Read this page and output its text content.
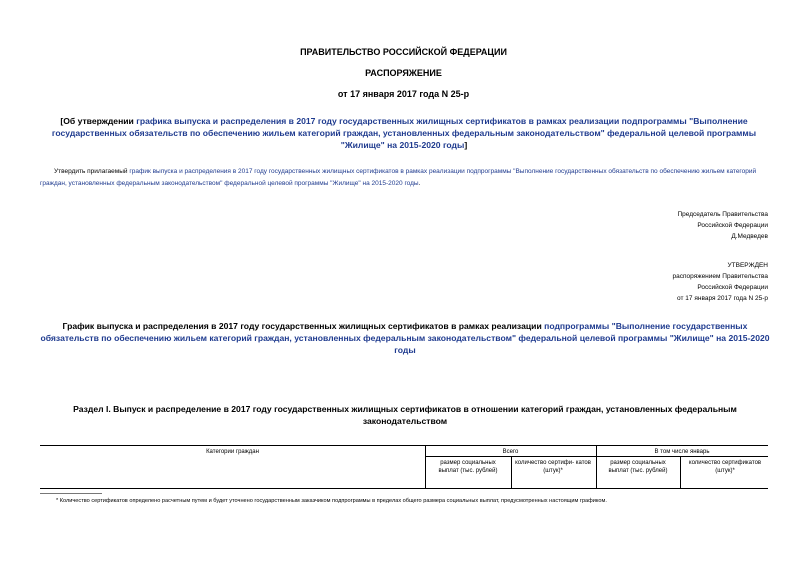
ПРАВИТЕЛЬСТВО РОССИЙСКОЙ ФЕДЕРАЦИИ
РАСПОРЯЖЕНИЕ
от 17 января 2017 года N 25-р
[Об утверждении графика выпуска и распределения в 2017 году государственных жилищных сертификатов в рамках реализации подпрограммы "Выполнение государственных обязательств по обеспечению жильем категорий граждан, установленных федеральным законодательством" федеральной целевой программы "Жилище" на 2015-2020 годы]
Утвердить прилагаемый график выпуска и распределения в 2017 году государственных жилищных сертификатов в рамках реализации подпрограммы "Выполнение государственных обязательств по обеспечению жильем категорий граждан, установленных федеральным законодательством" федеральной целевой программы "Жилище" на 2015-2020 годы.
Председатель Правительства
Российской Федерации
Д.Медведев
УТВЕРЖДЕН
распоряжением Правительства
Российской Федерации
от 17 января 2017 года N 25-р
График выпуска и распределения в 2017 году государственных жилищных сертификатов в рамках реализации подпрограммы "Выполнение государственных обязательств по обеспечению жильем категорий граждан, установленных федеральным законодательством" федеральной целевой программы "Жилище" на 2015-2020 годы
Раздел I. Выпуск и распределение в 2017 году государственных жилищных сертификатов в отношении категорий граждан, установленных федеральным законодательством
Категории граждан	Всего	В том числе январь
размер социальных выплат (тыс. рублей)
количество сертифи- катов (штук)*
размер социальных выплат (тыс. рублей)
количество сертификатов (штук)*
* Количество сертификатов определено расчетным путем и будет уточнено государственным заказчиком подпрограммы в пределах общего размера социальных выплат, предусмотренных настоящим графиком.
